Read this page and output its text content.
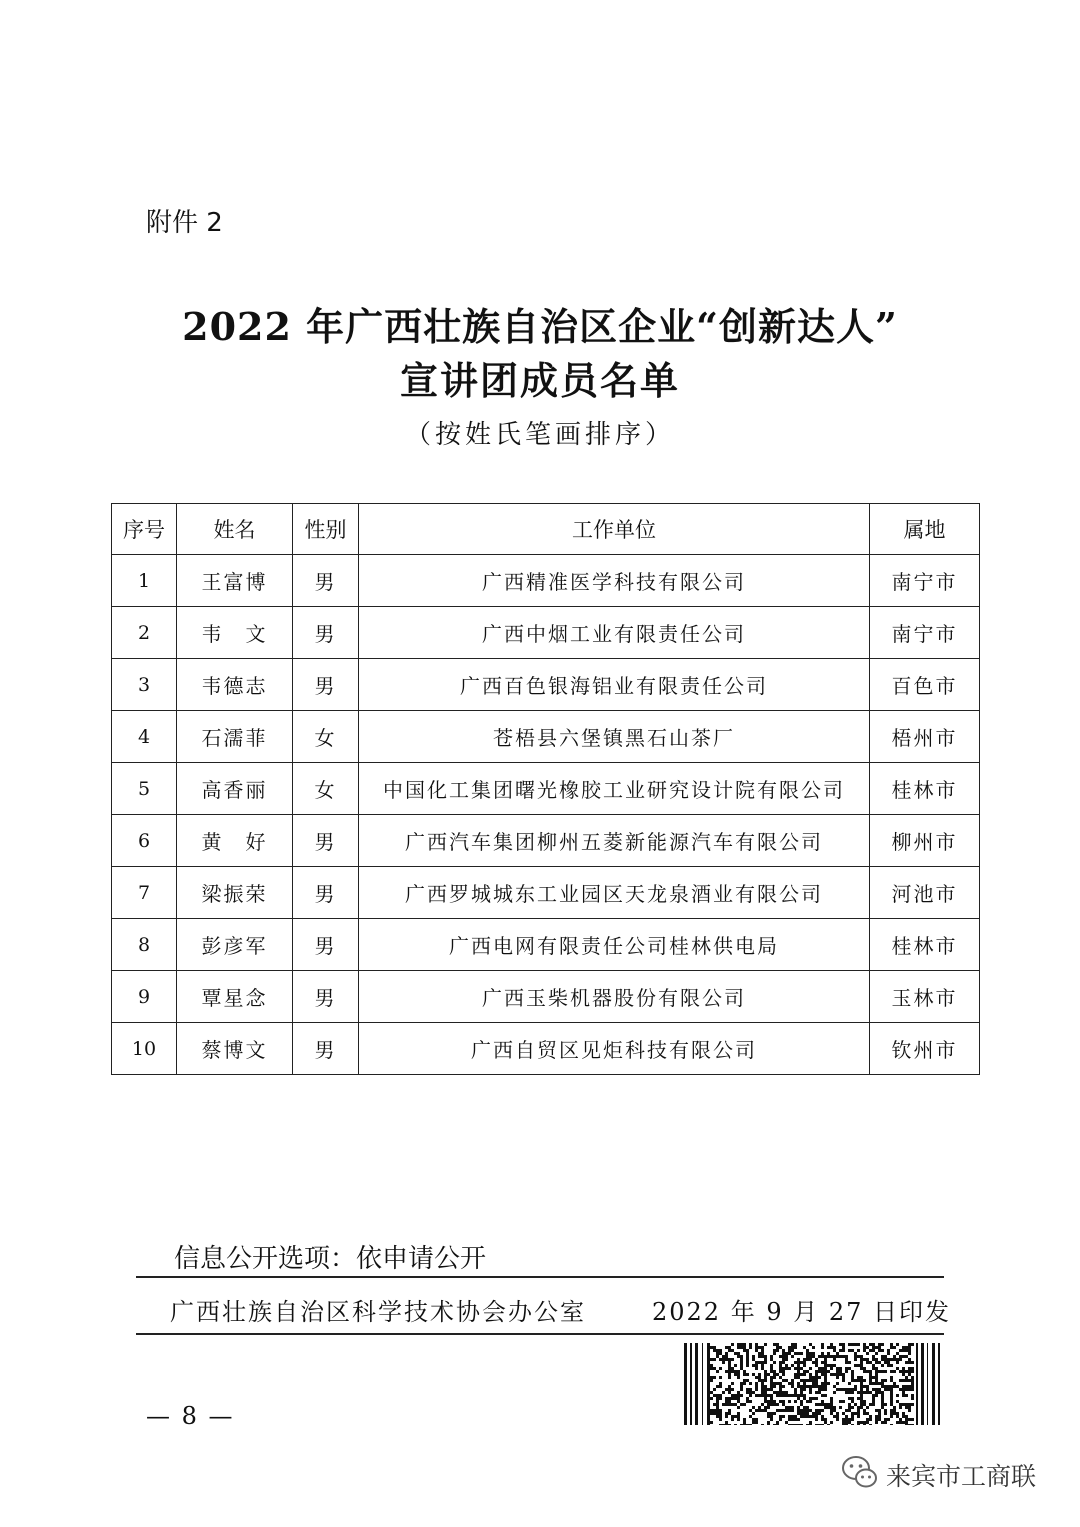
附件 2
2022 年广西壮族自治区企业“创新达人”
宣讲团成员名单
（按姓氏笔画排序）
序号	姓名	性别	工作单位	属地
1	王富博	男	广西精准医学科技有限公司	南宁市
2	韦　文	男	广西中烟工业有限责任公司	南宁市
3	韦德志	男	广西百色银海铝业有限责任公司	百色市
4	石濡菲	女	苍梧县六堡镇黑石山茶厂	梧州市
5	高香丽	女	中国化工集团曙光橡胶工业研究设计院有限公司	桂林市
6	黄　好	男	广西汽车集团柳州五菱新能源汽车有限公司	柳州市
7	梁振荣	男	广西罗城城东工业园区天龙泉酒业有限公司	河池市
8	彭彦军	男	广西电网有限责任公司桂林供电局	桂林市
9	覃星念	男	广西玉柴机器股份有限公司	玉林市
10	蔡博文	男	广西自贸区见炬科技有限公司	钦州市
信息公开选项：依申请公开
广西壮族自治区科学技术协会办公室	2022 年 9 月 27 日印发
— 8 —
来宾市工商联
